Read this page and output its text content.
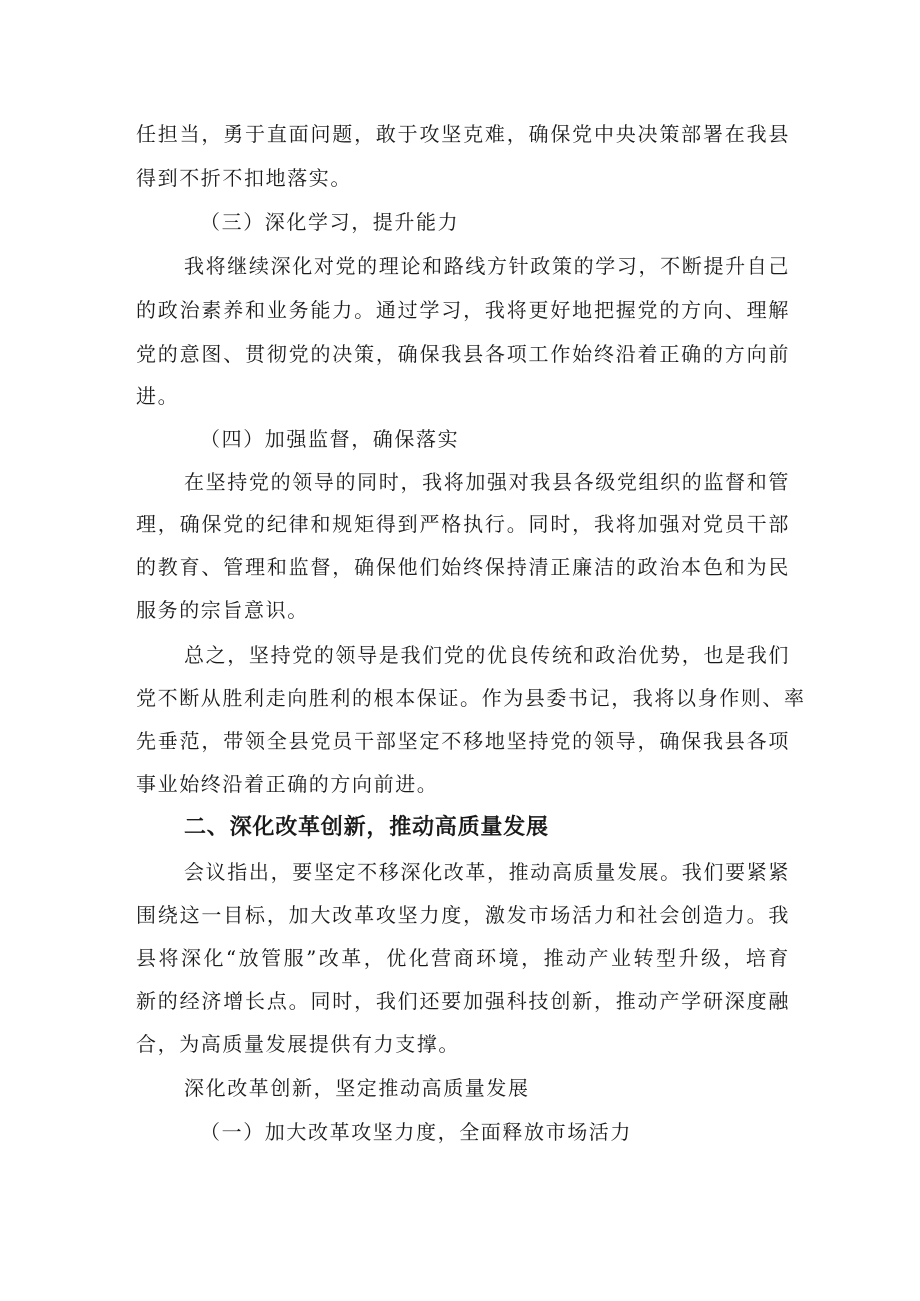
任担当，勇于直面问题，敢于攻坚克难，确保党中央决策部署在我县
得到不折不扣地落实。
（三）深化学习，提升能力
我将继续深化对党的理论和路线方针政策的学习，不断提升自己
的政治素养和业务能力。通过学习，我将更好地把握党的方向、理解
党的意图、贯彻党的决策，确保我县各项工作始终沿着正确的方向前
进。
（四）加强监督，确保落实
在坚持党的领导的同时，我将加强对我县各级党组织的监督和管
理，确保党的纪律和规矩得到严格执行。同时，我将加强对党员干部
的教育、管理和监督，确保他们始终保持清正廉洁的政治本色和为民
服务的宗旨意识。
总之，坚持党的领导是我们党的优良传统和政治优势，也是我们
党不断从胜利走向胜利的根本保证。作为县委书记，我将以身作则、率
先垂范，带领全县党员干部坚定不移地坚持党的领导，确保我县各项
事业始终沿着正确的方向前进。
二、深化改革创新，推动高质量发展
会议指出，要坚定不移深化改革，推动高质量发展。我们要紧紧
围绕这一目标，加大改革攻坚力度，激发市场活力和社会创造力。我
县将深化“放管服”改革，优化营商环境，推动产业转型升级，培育
新的经济增长点。同时，我们还要加强科技创新，推动产学研深度融
合，为高质量发展提供有力支撑。
深化改革创新，坚定推动高质量发展
（一）加大改革攻坚力度，全面释放市场活力
